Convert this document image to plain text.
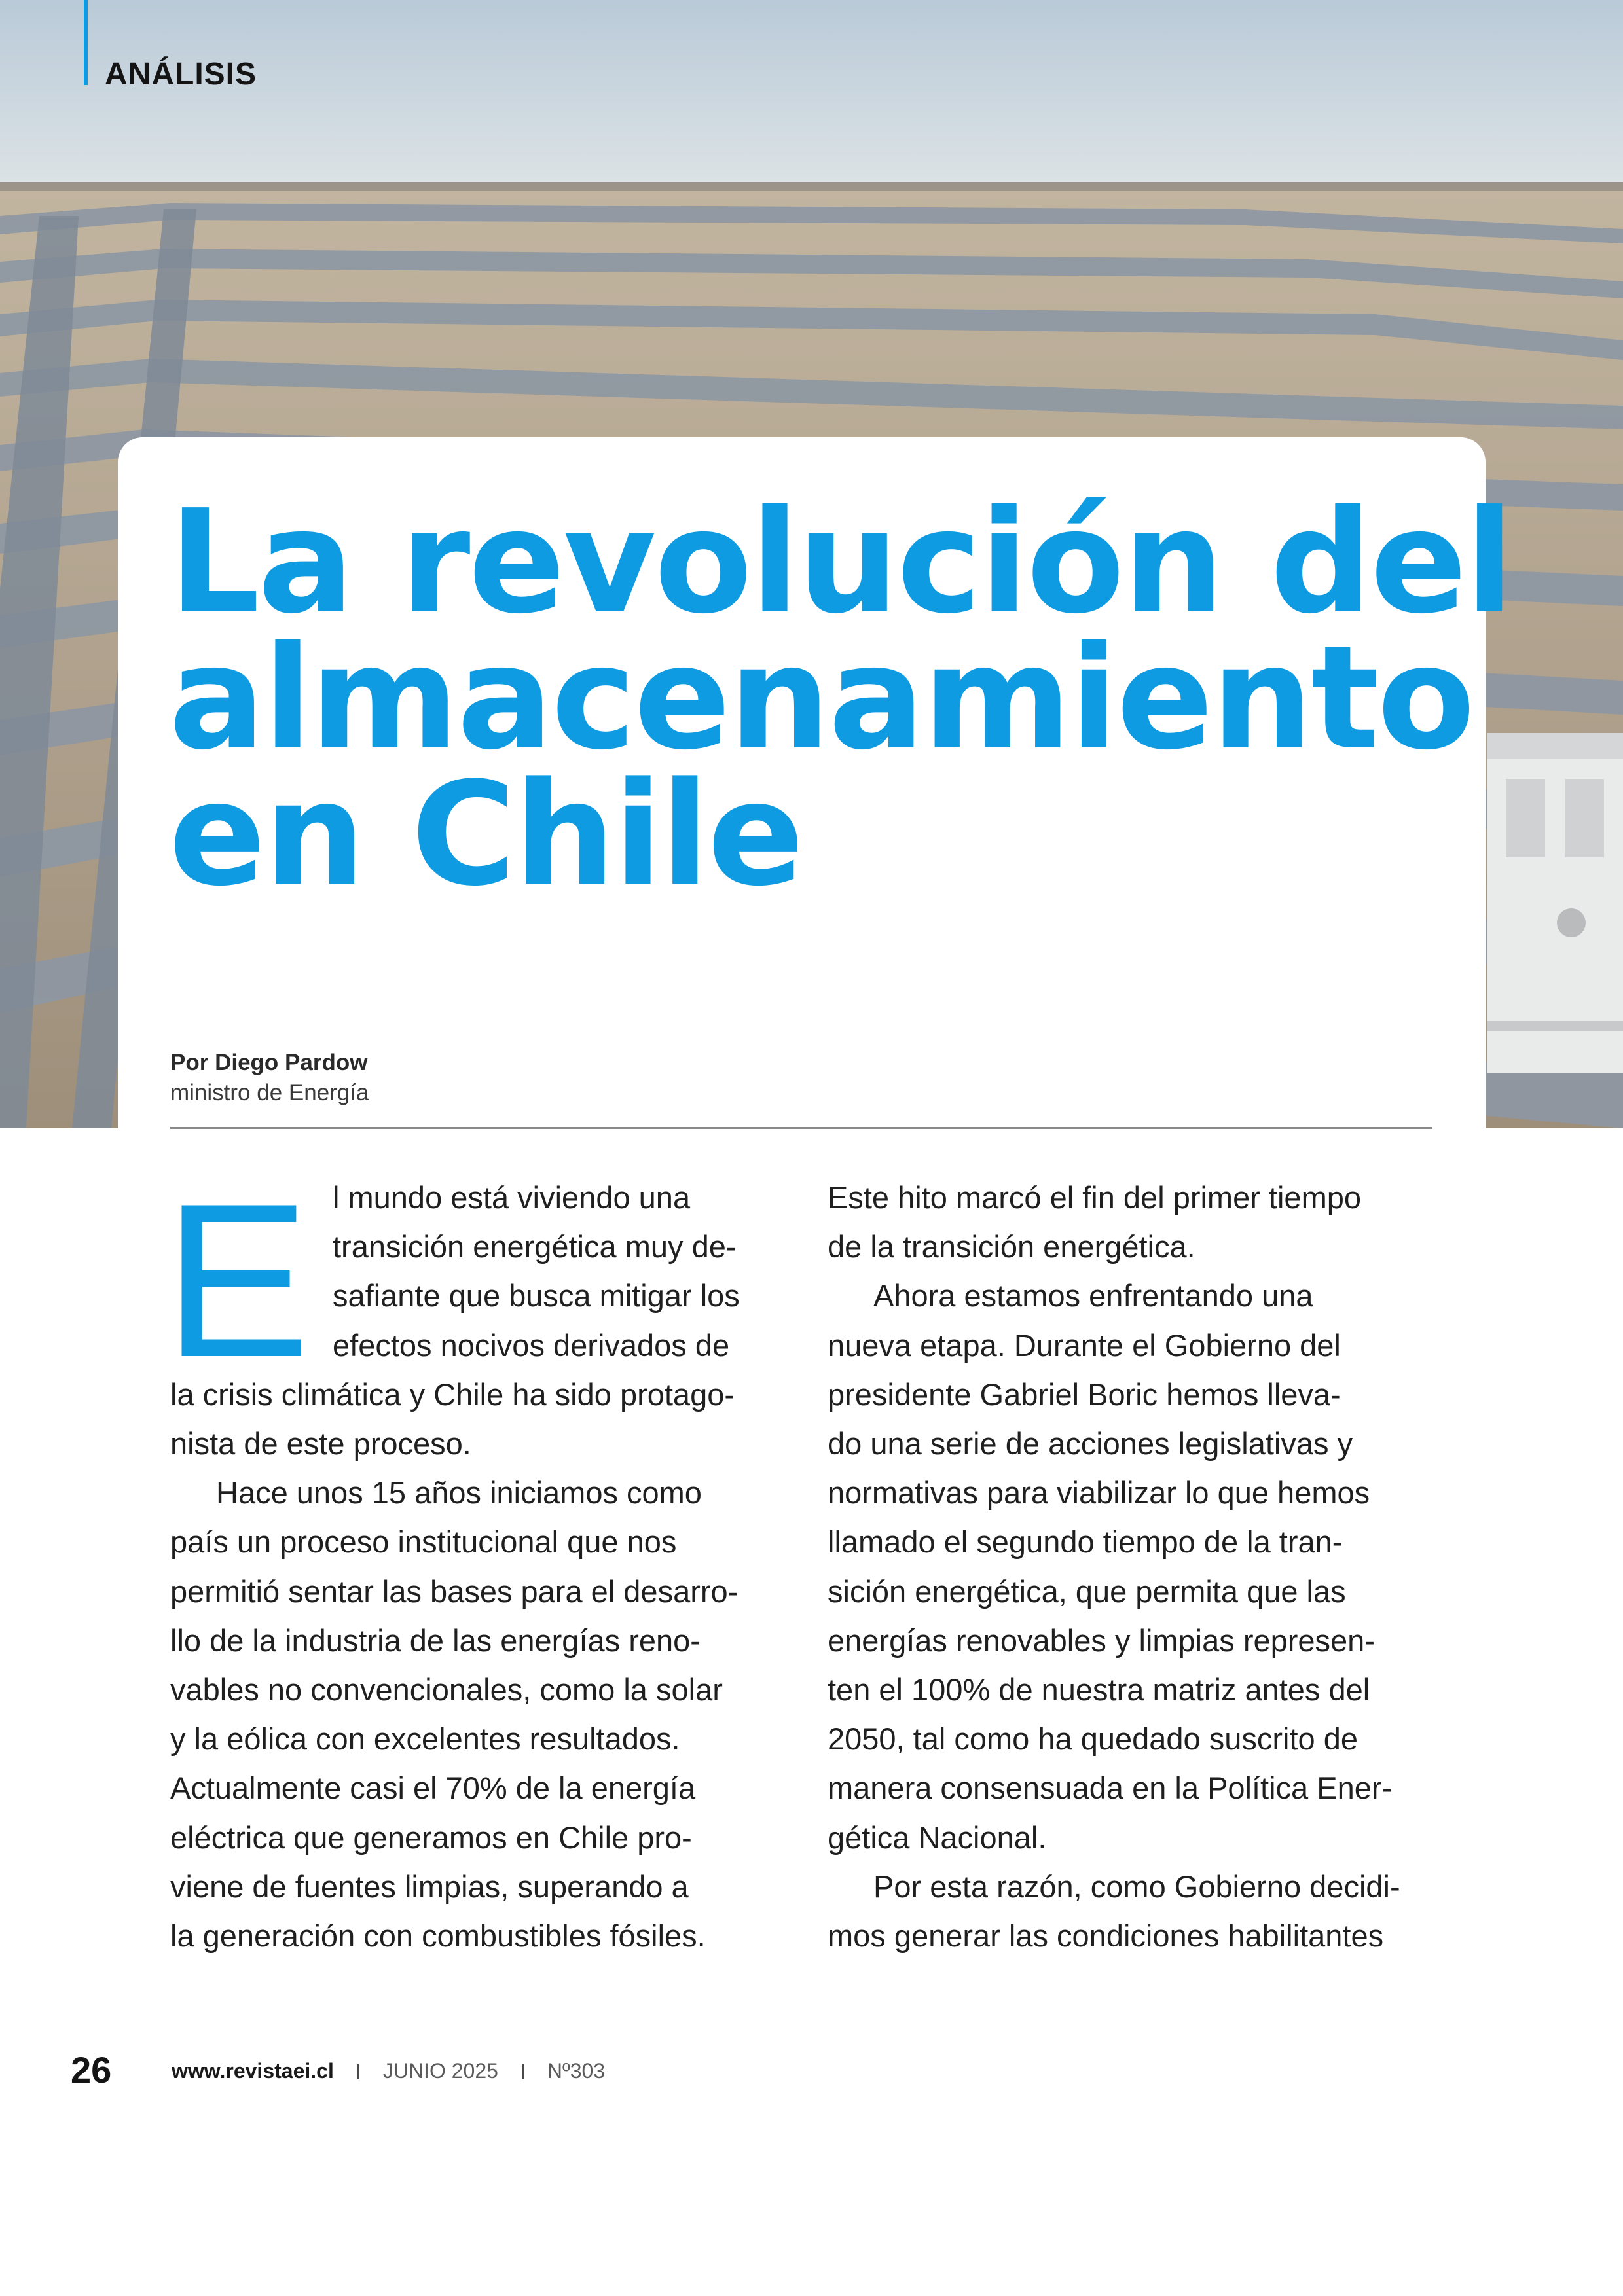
ANÁLISIS
La revolución del
almacenamiento
en Chile
Por Diego Pardow
ministro de Energía
E l mundo está viviendo una
transición energética muy de-
safiante que busca mitigar los
efectos nocivos derivados de
la crisis climática y Chile ha sido protago-
nista de este proceso.
Hace unos 15 años iniciamos como
país un proceso institucional que nos
permitió sentar las bases para el desarro-
llo de la industria de las energías reno-
vables no convencionales, como la solar
y la eólica con excelentes resultados.
Actualmente casi el 70% de la energía
eléctrica que generamos en Chile pro-
viene de fuentes limpias, superando a
la generación con combustibles fósiles.
Este hito marcó el fin del primer tiempo
de la transición energética.
Ahora estamos enfrentando una
nueva etapa. Durante el Gobierno del
presidente Gabriel Boric hemos lleva-
do una serie de acciones legislativas y
normativas para viabilizar lo que hemos
llamado el segundo tiempo de la tran-
sición energética, que permita que las
energías renovables y limpias represen-
ten el 100% de nuestra matriz antes del
2050, tal como ha quedado suscrito de
manera consensuada en la Política Ener-
gética Nacional.
Por esta razón, como Gobierno decidi-
mos generar las condiciones habilitantes
26	www.revistaei.cl JUNIO 2025 Nº303
